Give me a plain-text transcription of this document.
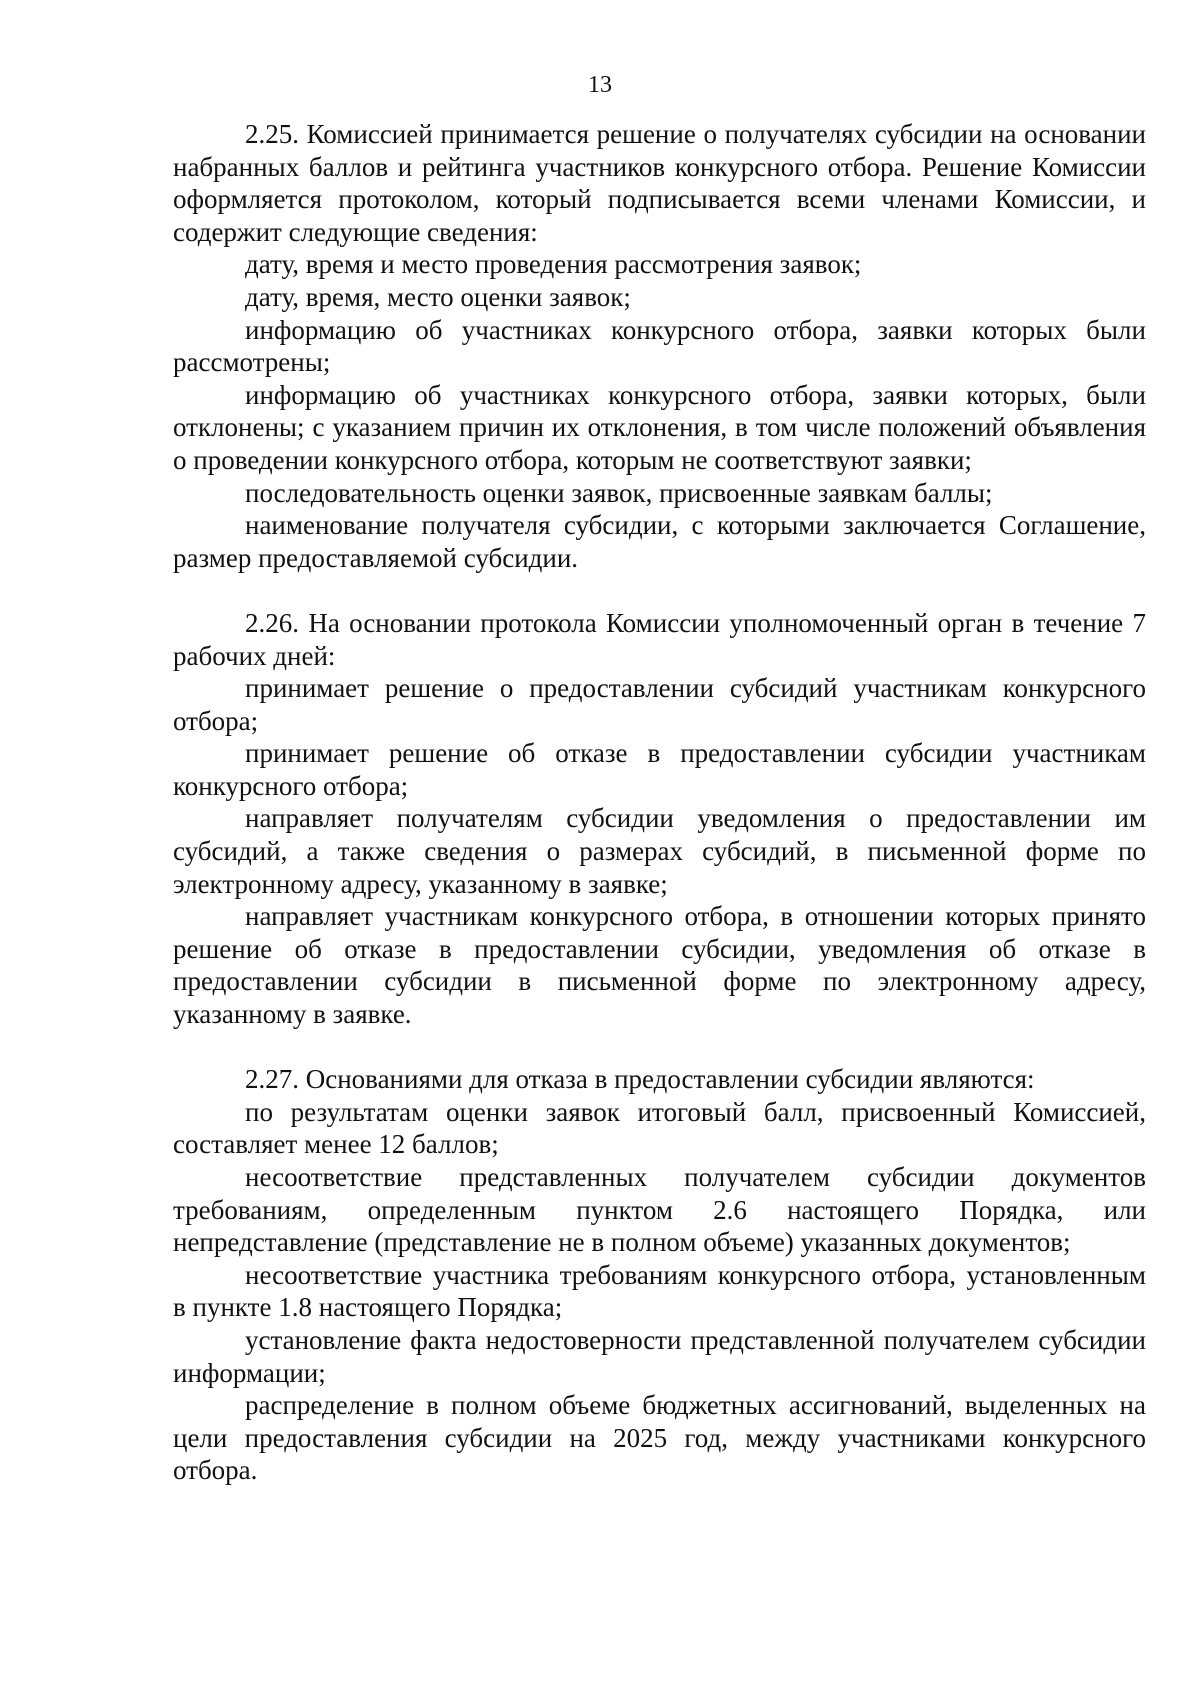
13

2.25. Комиссией принимается решение о получателях субсидии на основании набранных баллов и рейтинга участников конкурсного отбора. Решение Комиссии оформляется протоколом, который подписывается всеми членами Комиссии, и содержит следующие сведения:

дату, время и место проведения рассмотрения заявок;

дату, время, место оценки заявок;

информацию об участниках конкурсного отбора, заявки которых были рассмотрены;

информацию об участниках конкурсного отбора, заявки которых, были отклонены; с указанием причин их отклонения, в том числе положений объявления о проведении конкурсного отбора, которым не соответствуют заявки;

последовательность оценки заявок, присвоенные заявкам баллы;

наименование получателя субсидии, с которыми заключается Соглашение, размер предоставляемой субсидии.

2.26. На основании протокола Комиссии уполномоченный орган в течение 7 рабочих дней:

принимает решение о предоставлении субсидий участникам конкурсного отбора;

принимает решение об отказе в предоставлении субсидии участникам конкурсного отбора;

направляет получателям субсидии уведомления о предоставлении им субсидий, а также сведения о размерах субсидий, в письменной форме по электронному адресу, указанному в заявке;

направляет участникам конкурсного отбора, в отношении которых принято решение об отказе в предоставлении субсидии, уведомления об отказе в предоставлении субсидии в письменной форме по электронному адресу, указанному в заявке.

2.27. Основаниями для отказа в предоставлении субсидии являются:

по результатам оценки заявок итоговый балл, присвоенный Комиссией, составляет менее 12 баллов;

несоответствие представленных получателем субсидии документов требованиям, определенным пунктом 2.6 настоящего Порядка, или непредставление (представление не в полном объеме) указанных документов;

несоответствие участника требованиям конкурсного отбора, установленным в пункте 1.8 настоящего Порядка;

установление факта недостоверности представленной получателем субсидии информации;

распределение в полном объеме бюджетных ассигнований, выделенных на цели предоставления субсидии на 2025 год, между участниками конкурсного отбора.
